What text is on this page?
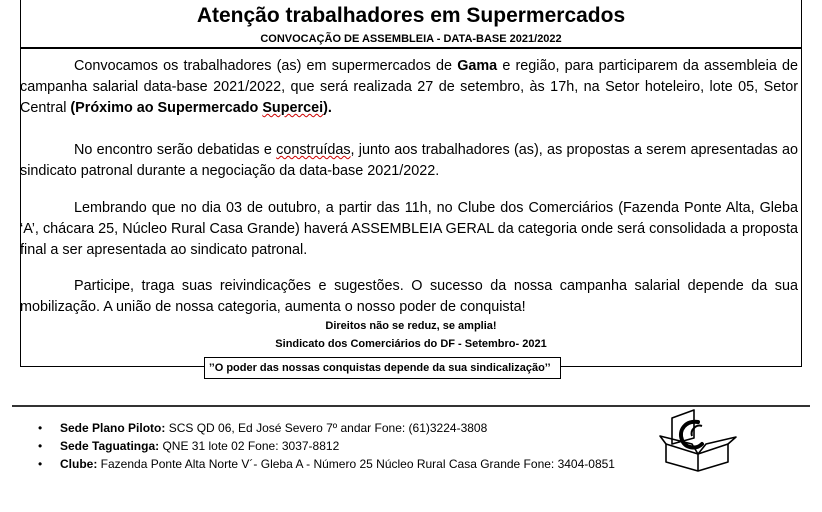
Atenção trabalhadores em Supermercados
CONVOCAÇÃO DE ASSEMBLEIA - DATA-BASE 2021/2022

Convocamos os trabalhadores (as) em supermercados de Gama e região, para participarem da assembleia de campanha salarial data-base 2021/2022, que será realizada 27 de setembro, às 17h, na Setor hoteleiro, lote 05, Setor Central (Próximo ao Supermercado Supercei).

No encontro serão debatidas e construídas, junto aos trabalhadores (as), as propostas a serem apresentadas ao sindicato patronal durante a negociação da data-base 2021/2022.

Lembrando que no dia 03 de outubro, a partir das 11h, no Clube dos Comerciários (Fazenda Ponte Alta, Gleba ‘A’, chácara 25, Núcleo Rural Casa Grande) haverá ASSEMBLEIA GERAL da categoria onde será consolidada a proposta final a ser apresentada ao sindicato patronal.

Participe, traga suas reivindicações e sugestões. O sucesso da nossa campanha salarial depende da sua mobilização. A união de nossa categoria, aumenta o nosso poder de conquista!

Direitos não se reduz, se amplia!
Sindicato dos Comerciários do DF - Setembro- 2021
’’O poder das nossas conquistas depende da sua sindicalização’’
• Sede Plano Piloto: SCS QD 06, Ed José Severo 7º andar Fone: (61)3224-3808
• Sede Taguatinga: QNE 31 lote 02 Fone: 3037-8812
• Clube: Fazenda Ponte Alta Norte V´- Gleba A - Número 25 Núcleo Rural Casa Grande Fone: 3404-0851
